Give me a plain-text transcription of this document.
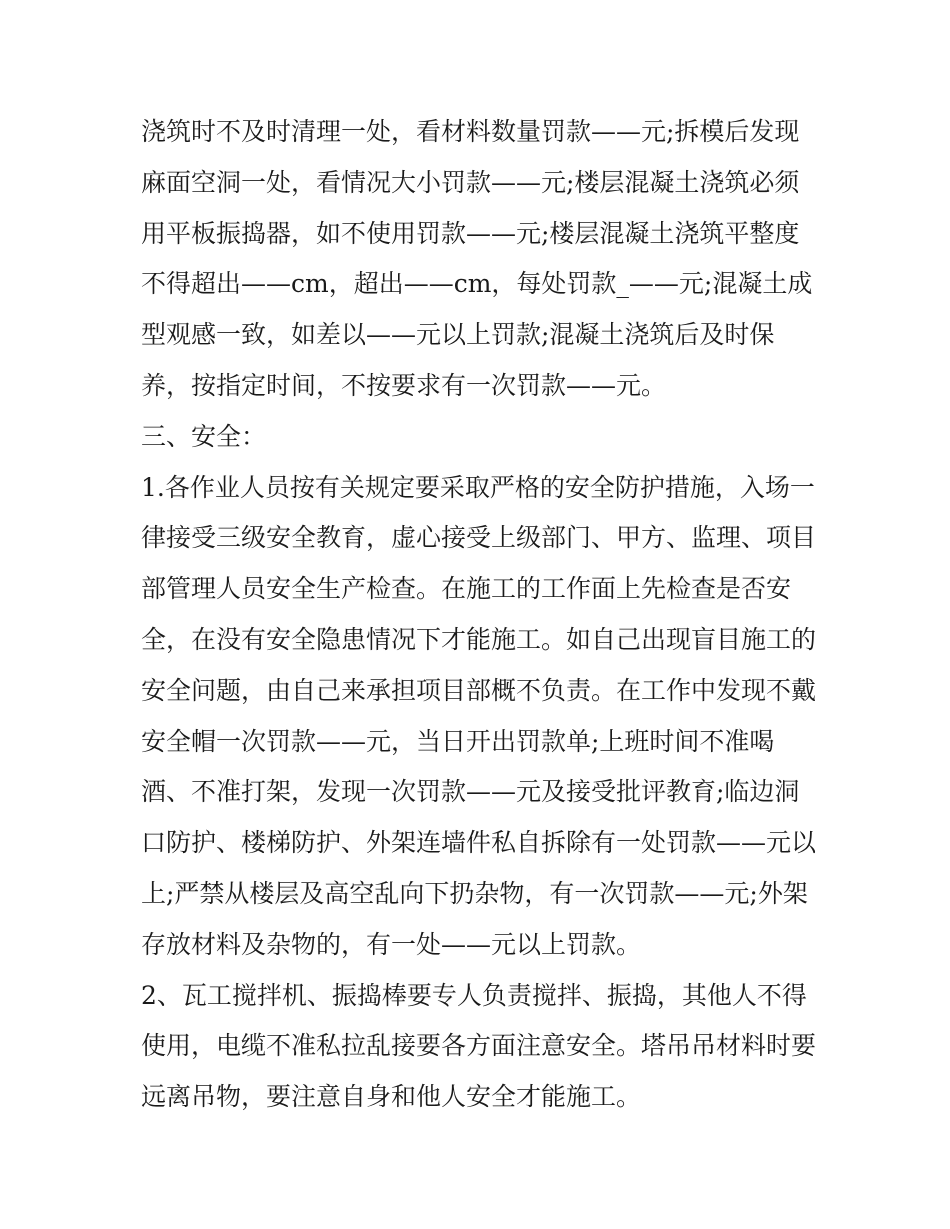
浇筑时不及时清理一处，看材料数量罚款——元;拆模后发现
麻面空洞一处，看情况大小罚款——元;楼层混凝土浇筑必须
用平板振捣器，如不使用罚款——元;楼层混凝土浇筑平整度
不得超出——cm，超出——cm，每处罚款_——元;混凝土成
型观感一致，如差以——元以上罚款;混凝土浇筑后及时保
养，按指定时间，不按要求有一次罚款——元。
三、安全：
1.各作业人员按有关规定要采取严格的安全防护措施，入场一
律接受三级安全教育，虚心接受上级部门、甲方、监理、项目
部管理人员安全生产检查。在施工的工作面上先检查是否安
全，在没有安全隐患情况下才能施工。如自己出现盲目施工的
安全问题，由自己来承担项目部概不负责。在工作中发现不戴
安全帽一次罚款——元，当日开出罚款单;上班时间不准喝
酒、不准打架，发现一次罚款——元及接受批评教育;临边洞
口防护、楼梯防护、外架连墙件私自拆除有一处罚款——元以
上;严禁从楼层及高空乱向下扔杂物，有一次罚款——元;外架
存放材料及杂物的，有一处——元以上罚款。
2、瓦工搅拌机、振捣棒要专人负责搅拌、振捣，其他人不得
使用，电缆不准私拉乱接要各方面注意安全。塔吊吊材料时要
远离吊物，要注意自身和他人安全才能施工。
